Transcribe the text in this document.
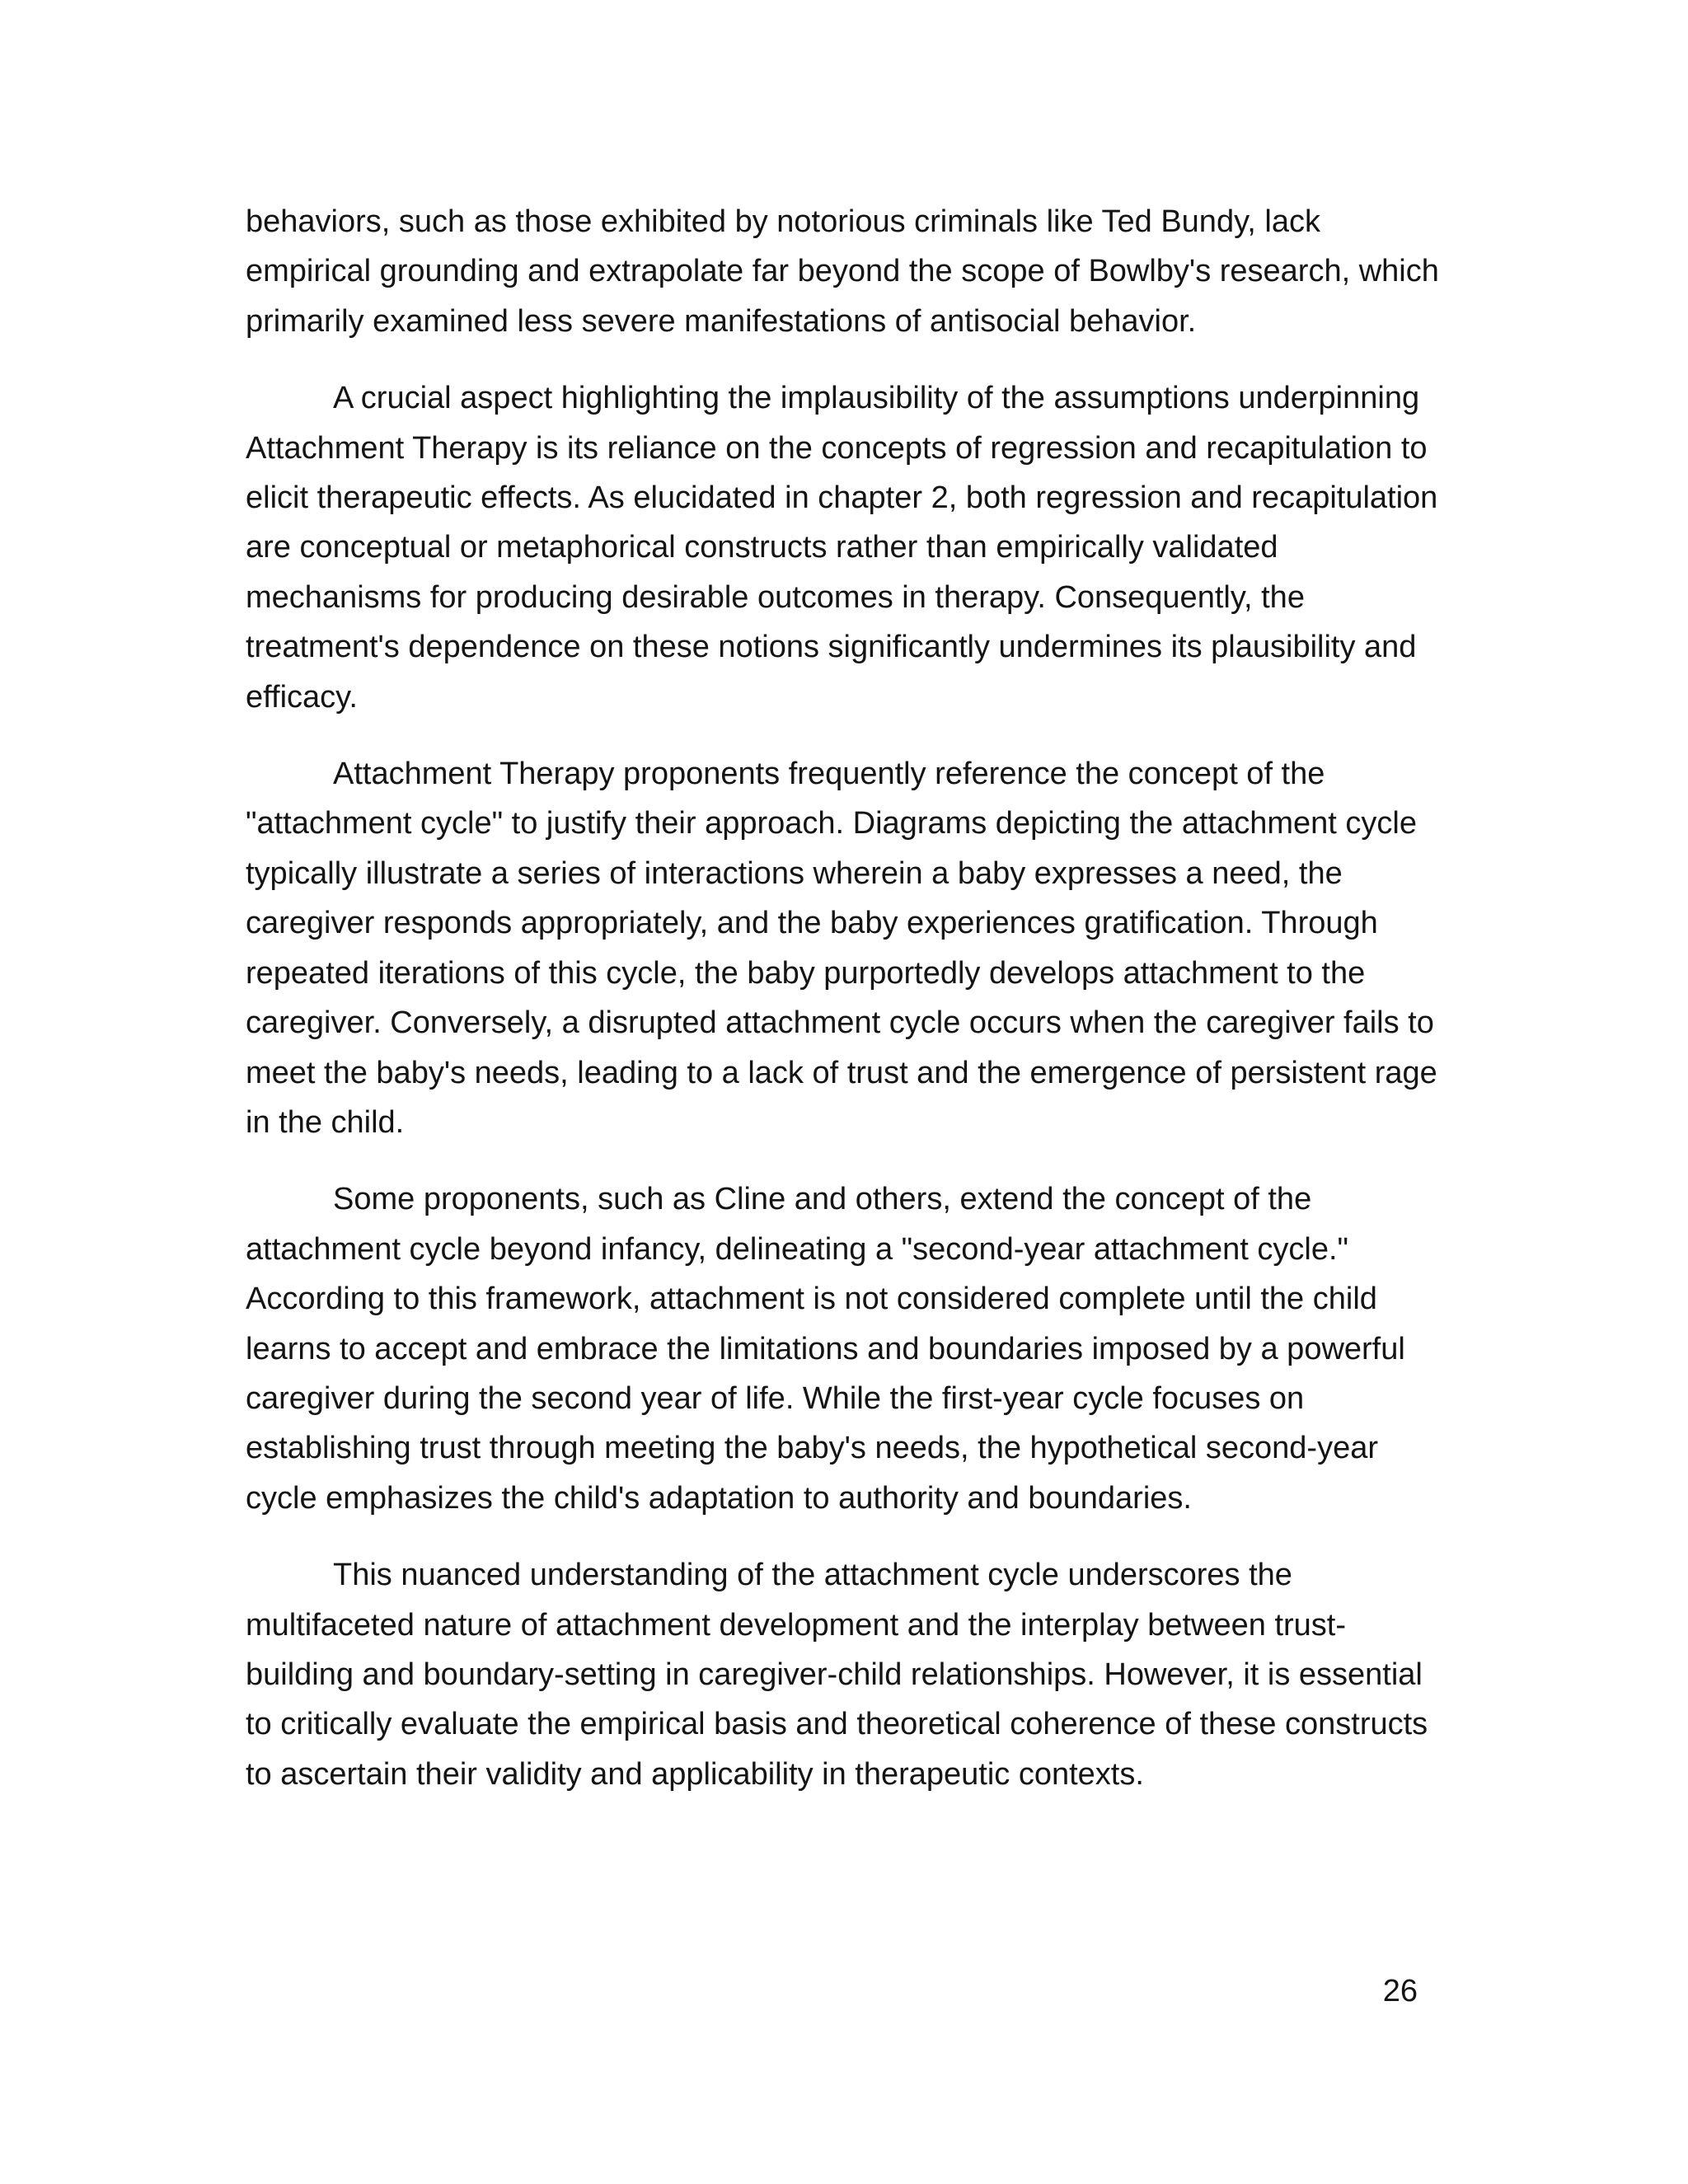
behaviors, such as those exhibited by notorious criminals like Ted Bundy, lack empirical grounding and extrapolate far beyond the scope of Bowlby's research, which primarily examined less severe manifestations of antisocial behavior.

A crucial aspect highlighting the implausibility of the assumptions underpinning Attachment Therapy is its reliance on the concepts of regression and recapitulation to elicit therapeutic effects. As elucidated in chapter 2, both regression and recapitulation are conceptual or metaphorical constructs rather than empirically validated mechanisms for producing desirable outcomes in therapy. Consequently, the treatment's dependence on these notions significantly undermines its plausibility and efficacy.

Attachment Therapy proponents frequently reference the concept of the "attachment cycle" to justify their approach. Diagrams depicting the attachment cycle typically illustrate a series of interactions wherein a baby expresses a need, the caregiver responds appropriately, and the baby experiences gratification. Through repeated iterations of this cycle, the baby purportedly develops attachment to the caregiver. Conversely, a disrupted attachment cycle occurs when the caregiver fails to meet the baby's needs, leading to a lack of trust and the emergence of persistent rage in the child.

Some proponents, such as Cline and others, extend the concept of the attachment cycle beyond infancy, delineating a "second-year attachment cycle." According to this framework, attachment is not considered complete until the child learns to accept and embrace the limitations and boundaries imposed by a powerful caregiver during the second year of life. While the first-year cycle focuses on establishing trust through meeting the baby's needs, the hypothetical second-year cycle emphasizes the child's adaptation to authority and boundaries.

This nuanced understanding of the attachment cycle underscores the multifaceted nature of attachment development and the interplay between trust-building and boundary-setting in caregiver-child relationships. However, it is essential to critically evaluate the empirical basis and theoretical coherence of these constructs to ascertain their validity and applicability in therapeutic contexts.

26
